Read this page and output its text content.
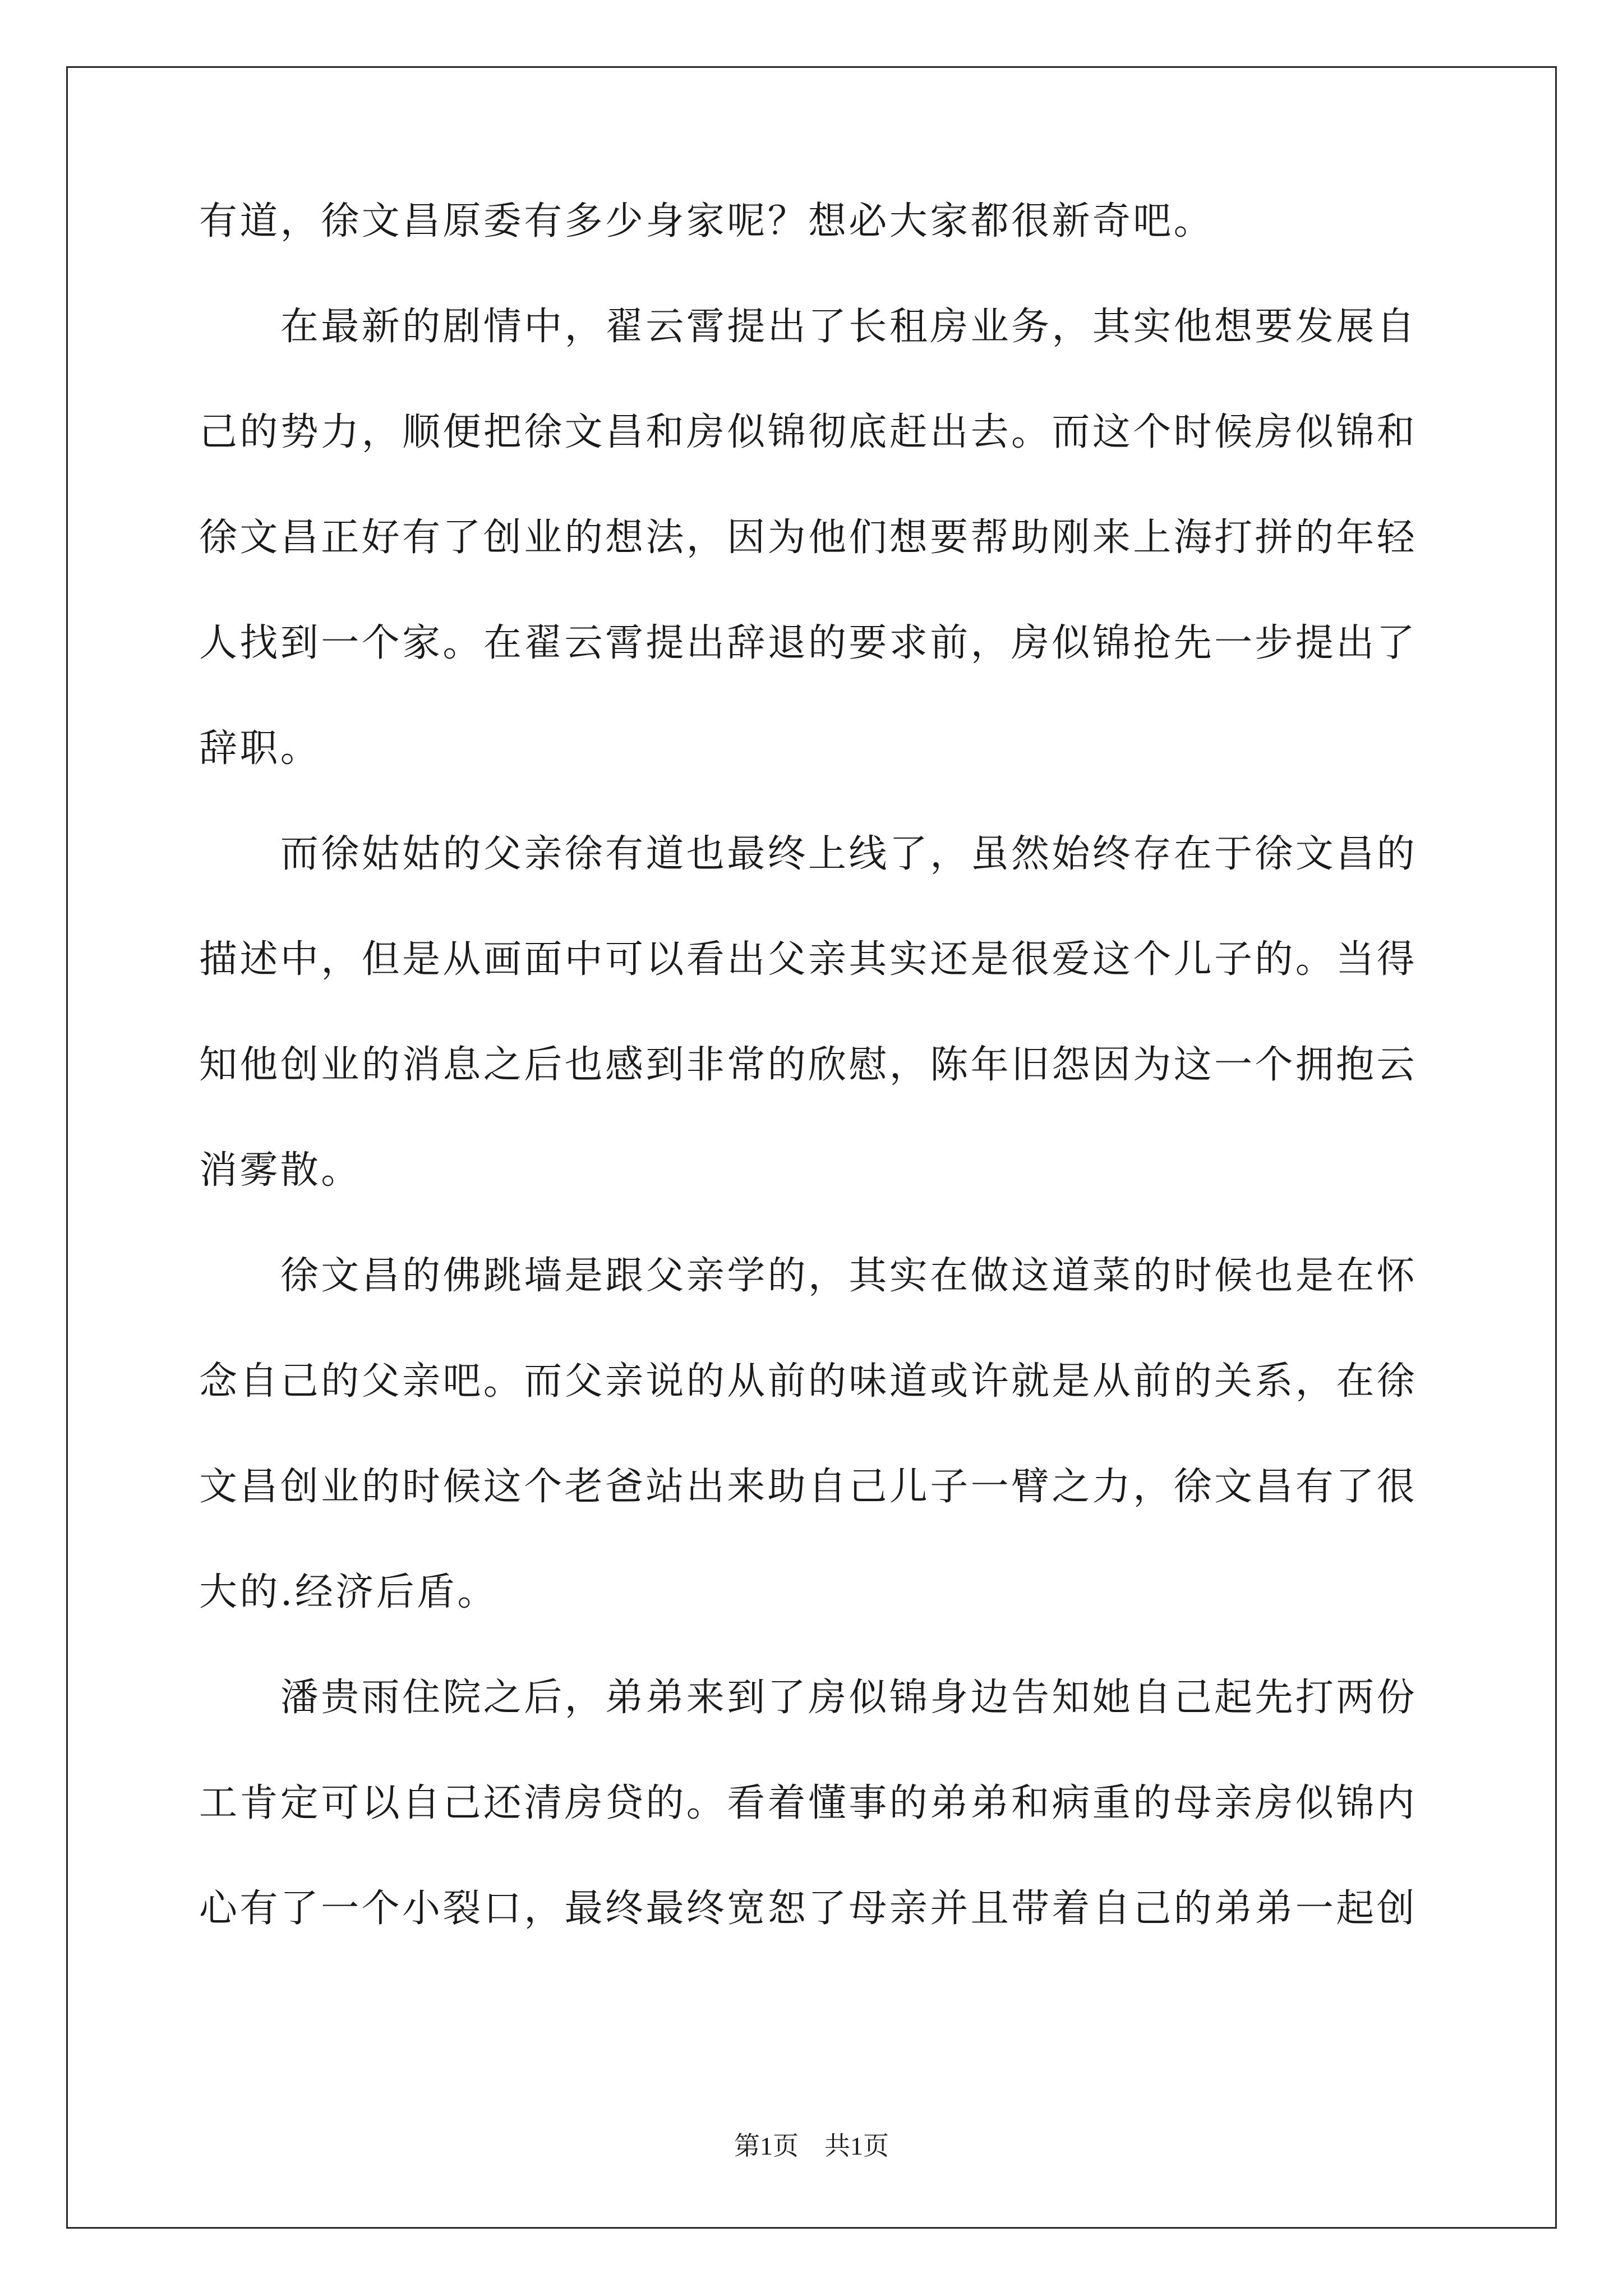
有道，徐文昌原委有多少身家呢？想必大家都很新奇吧。
　　在最新的剧情中，翟云霄提出了长租房业务，其实他想要发展自
己的势力，顺便把徐文昌和房似锦彻底赶出去。而这个时候房似锦和
徐文昌正好有了创业的想法，因为他们想要帮助刚来上海打拼的年轻
人找到一个家。在翟云霄提出辞退的要求前，房似锦抢先一步提出了
辞职。
　　而徐姑姑的父亲徐有道也最终上线了，虽然始终存在于徐文昌的
描述中，但是从画面中可以看出父亲其实还是很爱这个儿子的。当得
知他创业的消息之后也感到非常的欣慰，陈年旧怨因为这一个拥抱云
消雾散。
　　徐文昌的佛跳墙是跟父亲学的，其实在做这道菜的时候也是在怀
念自己的父亲吧。而父亲说的从前的味道或许就是从前的关系，在徐
文昌创业的时候这个老爸站出来助自己儿子一臂之力，徐文昌有了很
大的.经济后盾。
　　潘贵雨住院之后，弟弟来到了房似锦身边告知她自己起先打两份
工肯定可以自己还清房贷的。看着懂事的弟弟和病重的母亲房似锦内
心有了一个小裂口，最终最终宽恕了母亲并且带着自己的弟弟一起创
第1页 共1页
